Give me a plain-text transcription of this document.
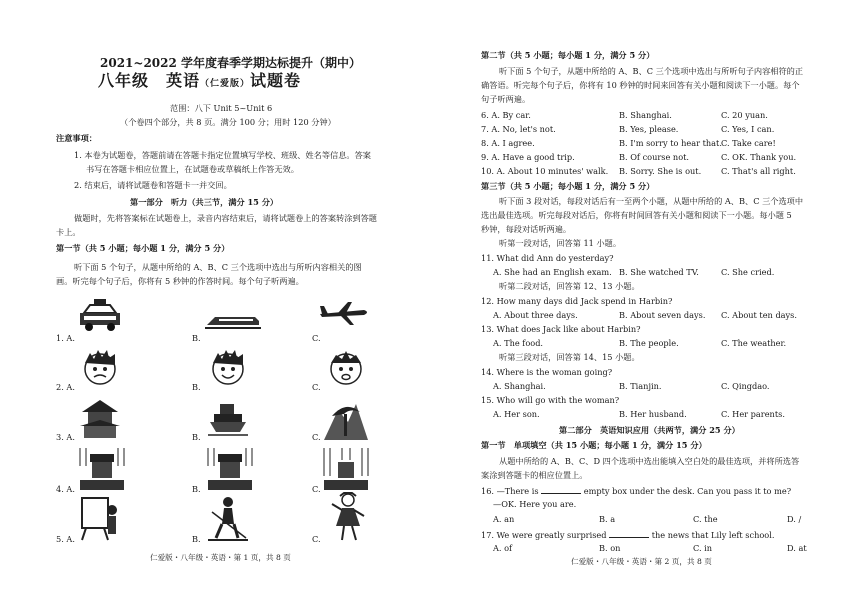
2021~2022 学年度春季学期达标提升（期中）
八年级　英语（仁爱版）试题卷
范围：八下 Unit 5~Unit 6
（个卷四个部分，共 8 页。满分 100 分；用时 120 分钟）
注意事项：
1. 本卷为试题卷，答题前请在答题卡指定位置填写学校、班级、姓名等信息。答案
书写在答题卡相应位置上，在试题卷或草稿纸上作答无效。
2. 结束后，请将试题卷和答题卡一并交回。
第一部分　听力（共三节，满分 15 分）
做题时，先将答案标在试题卷上，录音内容结束后，请将试题卷上的答案转涂到答题
卡上。
第一节（共 5 小题；每小题 1 分，满分 5 分）
听下面 5 个句子，从题中所给的 A、B、C 三个选项中选出与所听内容相关的图
画。听完每个句子后，你将有 5 秒钟的作答时间。每个句子听两遍。
1. A.	B.	C.
2. A.	B.	C.
3. A.	B.	C.
4. A.	B.	C.
5. A.	B.	C.
仁爱版・八年级・英语・第 1 页，共 8 页
第二节（共 5 小题；每小题 1 分，满分 5 分）
听下面 5 个句子，从题中所给的 A、B、C 三个选项中选出与所听句子内容相符的正
确答语。听完每个句子后，你将有 10 秒钟的时间来回答有关小题和阅读下一小题。每个
句子听两遍。
6. A. By car.	B. Shanghai.	C. 20 yuan.
7. A. No, let's not.	B. Yes, please.	C. Yes, I can.
8. A. I agree.	B. I'm sorry to hear that. C. Take care!
9. A. Have a good trip.	B. Of course not.	C. OK. Thank you.
10. A. About 10 minutes' walk. B. Sorry. She is out. C. That's all right.
第三节（共 5 小题；每小题 1 分，满分 5 分）
听下面 3 段对话，每段对话后有一至两个小题，从题中所给的 A、B、C 三个选项中
选出最佳选项。听完每段对话后，你将有时间回答有关小题和阅读下一小题。每小题 5
秒钟，每段对话听两遍。
听第一段对话，回答第 11 小题。
11. What did Ann do yesterday?
A. She had an English exam. B. She watched TV.	C. She cried.
听第二段对话，回答第 12、13 小题。
12. How many days did Jack spend in Harbin?
A. About three days.	B. About seven days. C. About ten days.
13. What does Jack like about Harbin?
A. The food.	B. The people.	C. The weather.
听第三段对话，回答第 14、15 小题。
14. Where is the woman going?
A. Shanghai.	B. Tianjin.	C. Qingdao.
15. Who will go with the woman?
A. Her son.	B. Her husband.	C. Her parents.
第二部分　英语知识应用（共两节，满分 25 分）
第一节　单项填空（共 15 小题；每小题 1 分，满分 15 分）
从题中所给的 A、B、C、D 四个选项中选出能填入空白处的最佳选项，并将所选答
案涂到答题卡的相应位置上。
16. —There is	empty box under the desk. Can you pass it to me?
—OK. Here you are.
A. an	B. a	C. the	D. /
17. We were greatly surprised	the news that Lily left school.
A. of	B. on	C. in	D. at
仁爱版・八年级・英语・第 2 页，共 8 页
